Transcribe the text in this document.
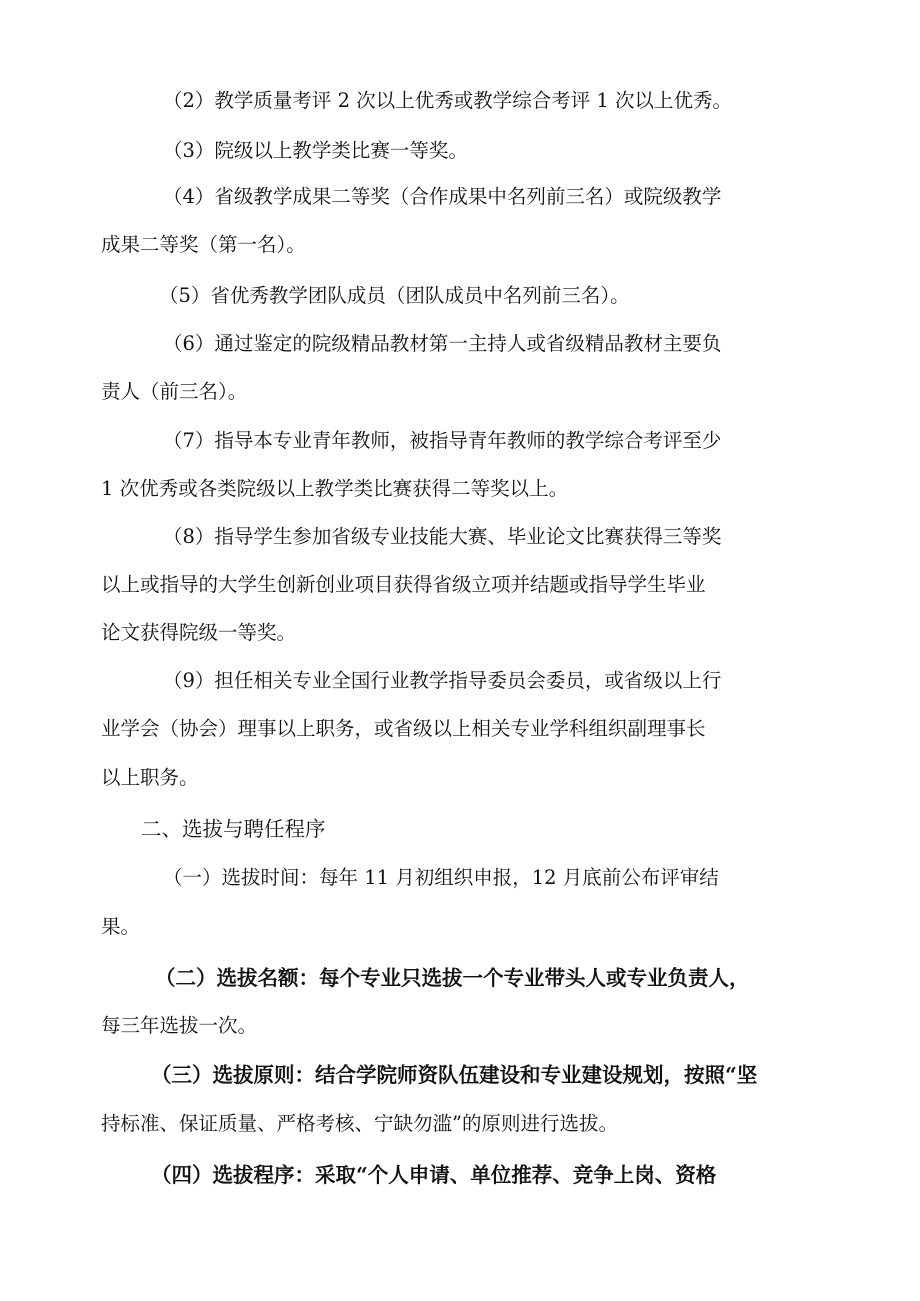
（2）教学质量考评 2 次以上优秀或教学综合考评 1 次以上优秀。
（3）院级以上教学类比赛一等奖。
（4）省级教学成果二等奖（合作成果中名列前三名）或院级教学
成果二等奖（第一名）。
（5）省优秀教学团队成员（团队成员中名列前三名）。
（6）通过鉴定的院级精品教材第一主持人或省级精品教材主要负
责人（前三名）。
（7）指导本专业青年教师，被指导青年教师的教学综合考评至少
1 次优秀或各类院级以上教学类比赛获得二等奖以上。
（8）指导学生参加省级专业技能大赛、毕业论文比赛获得三等奖
以上或指导的大学生创新创业项目获得省级立项并结题或指导学生毕业
论文获得院级一等奖。
（9）担任相关专业全国行业教学指导委员会委员，或省级以上行
业学会（协会）理事以上职务，或省级以上相关专业学科组织副理事长
以上职务。
二、选拔与聘任程序
（一）选拔时间：每年 11 月初组织申报，12 月底前公布评审结
果。
（二）选拔名额：每个专业只选拔一个专业带头人或专业负责人，
每三年选拔一次。
（三）选拔原则：结合学院师资队伍建设和专业建设规划，按照“坚
持标准、保证质量、严格考核、宁缺勿滥”的原则进行选拔。
（四）选拔程序：采取“个人申请、单位推荐、竞争上岗、资格
